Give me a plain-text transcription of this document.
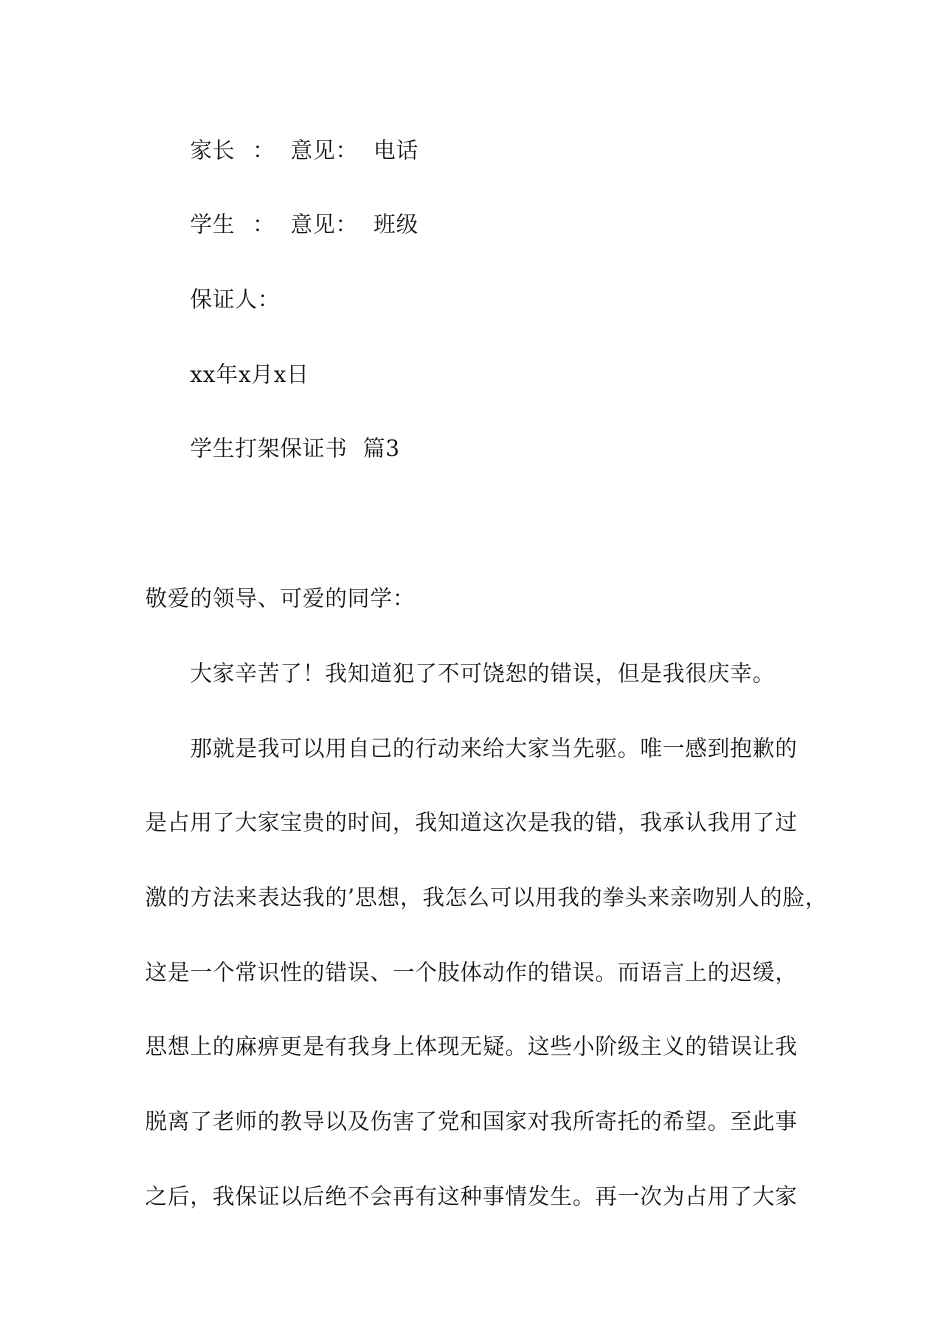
家长 ： 意见： 电话
学生 ： 意见： 班级
保证人：
xx年x月x日
学生打架保证书 篇3
敬爱的领导、可爱的同学：
大家辛苦了！我知道犯了不可饶恕的错误，但是我很庆幸。
那就是我可以用自己的行动来给大家当先驱。唯一感到抱歉的
是占用了大家宝贵的时间，我知道这次是我的错，我承认我用了过
激的方法来表达我的’思想，我怎么可以用我的拳头来亲吻别人的脸，
这是一个常识性的错误、一个肢体动作的错误。而语言上的迟缓，
思想上的麻痹更是有我身上体现无疑。这些小阶级主义的错误让我
脱离了老师的教导以及伤害了党和国家对我所寄托的希望。至此事
之后，我保证以后绝不会再有这种事情发生。再一次为占用了大家
